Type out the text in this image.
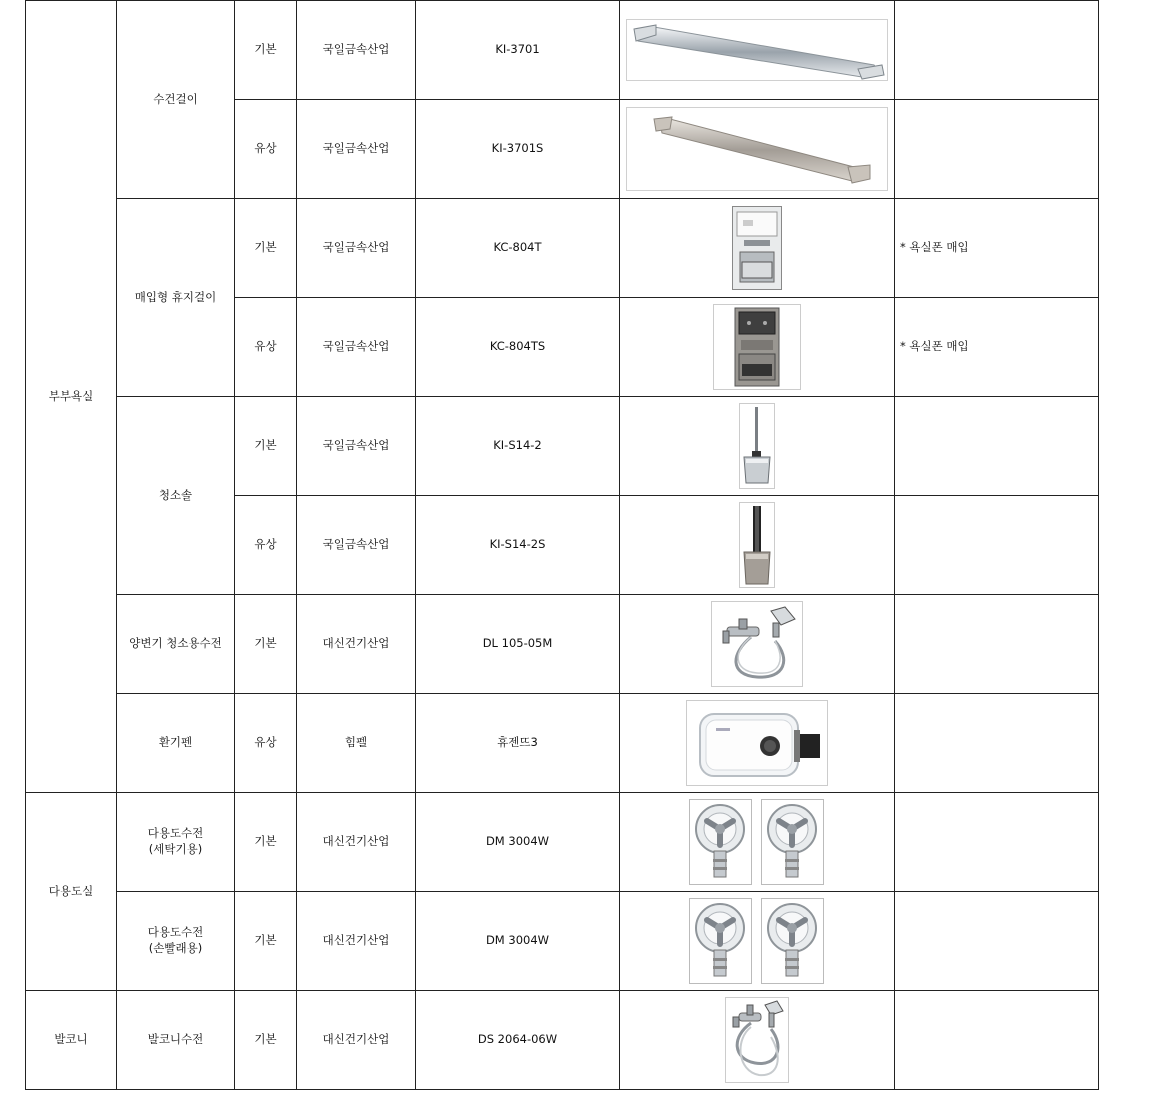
부부욕실	수건걸이	기본	국일금속산업	KI-3701	

		유상	국일금속산업	KI-3701S	

	매입형 휴지걸이	기본	국일금속산업	KC-804T		* 욕실폰 매입
		유상	국일금속산업	KC-804TS		* 욕실폰 매입
	청소솔	기본	국일금속산업	KI-S14-2	

		유상	국일금속산업	KI-S14-2S	

	양변기 청소용수전	기본	대신건기산업	DL 105-05M	

	환기펜	유상	힘펠	휴젠뜨3	

다용도실	다용도수전
(세탁기용)	기본	대신건기산업	DM 3004W	

	다용도수전
(손빨래용)	기본	대신건기산업	DM 3004W	

발코니	발코니수전	기본	대신건기산업	DS 2064-06W	
